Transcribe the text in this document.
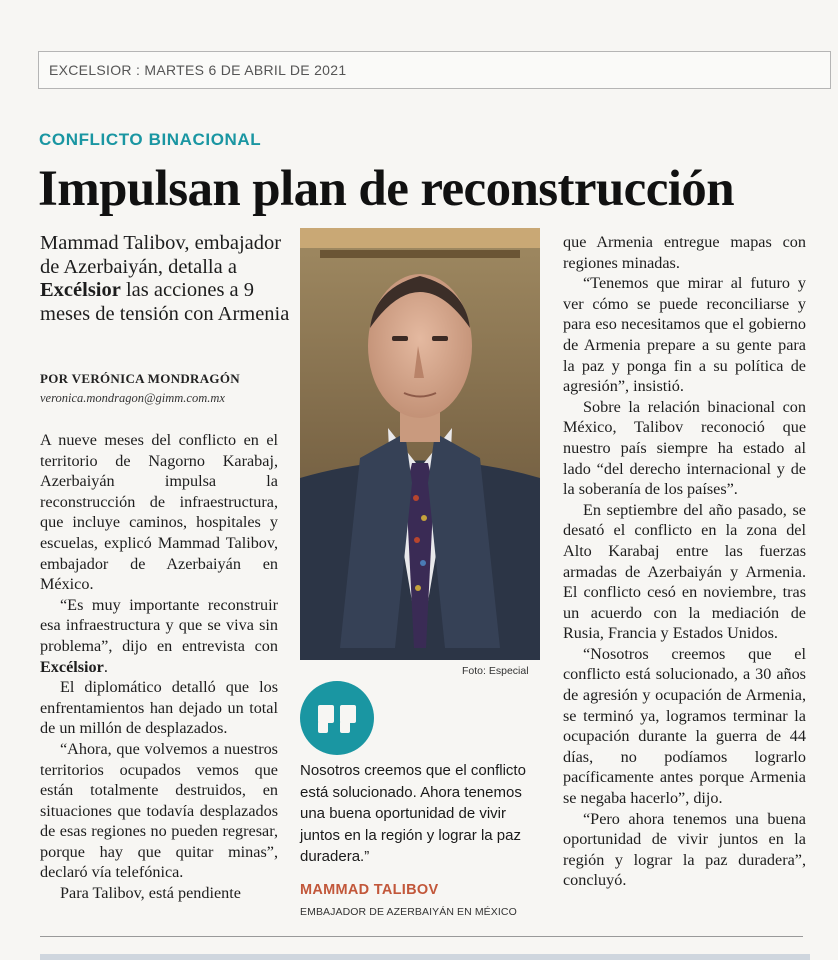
EXCELSIOR : MARTES 6 DE ABRIL DE 2021
CONFLICTO BINACIONAL
Impulsan plan de reconstrucción
Mammad Talibov, embajador de Azerbaiyán, detalla a Excélsior las acciones a 9 meses de tensión con Armenia
POR VERÓNICA MONDRAGÓN
veronica.mondragon@gimm.com.mx

A nueve meses del conflicto en el territorio de Nagorno Karabaj, Azerbaiyán impulsa la reconstrucción de infraestructura, que incluye caminos, hospitales y escuelas, explicó Mammad Talibov, embajador de Azerbaiyán en México.

“Es muy importante reconstruir esa infraestructura y que se viva sin problema”, dijo en entrevista con Excélsior.

El diplomático detalló que los enfrentamientos han dejado un total de un millón de desplazados.

“Ahora, que volvemos a nuestros territorios ocupados vemos que están totalmente destruidos, en situaciones que todavía desplazados de esas regiones no pueden regresar, porque hay que quitar minas”, declaró vía telefónica.

Para Talibov, está pendiente

Foto: Especial
Nosotros creemos que el conflicto está solucionado. Ahora tenemos una buena oportunidad de vivir juntos en la región y lograr la paz duradera.”
MAMMAD TALIBOV
EMBAJADOR DE AZERBAIYÁN EN MÉXICO

que Armenia entregue mapas con regiones minadas.

“Tenemos que mirar al futuro y ver cómo se puede reconciliarse y para eso necesitamos que el gobierno de Armenia prepare a su gente para la paz y ponga fin a su política de agresión”, insistió.

Sobre la relación binacional con México, Talibov reconoció que nuestro país siempre ha estado al lado “del derecho internacional y de la soberanía de los países”.

En septiembre del año pasado, se desató el conflicto en la zona del Alto Karabaj entre las fuerzas armadas de Azerbaiyán y Armenia. El conflicto cesó en noviembre, tras un acuerdo con la mediación de Rusia, Francia y Estados Unidos.

“Nosotros creemos que el conflicto está solucionado, a 30 años de agresión y ocupación de Armenia, se terminó ya, logramos terminar la ocupación durante la guerra de 44 días, no podíamos lograrlo pacíficamente antes porque Armenia se negaba hacerlo”, dijo.

“Pero ahora tenemos una buena oportunidad de vivir juntos en la región y lograr la paz duradera”, concluyó.
